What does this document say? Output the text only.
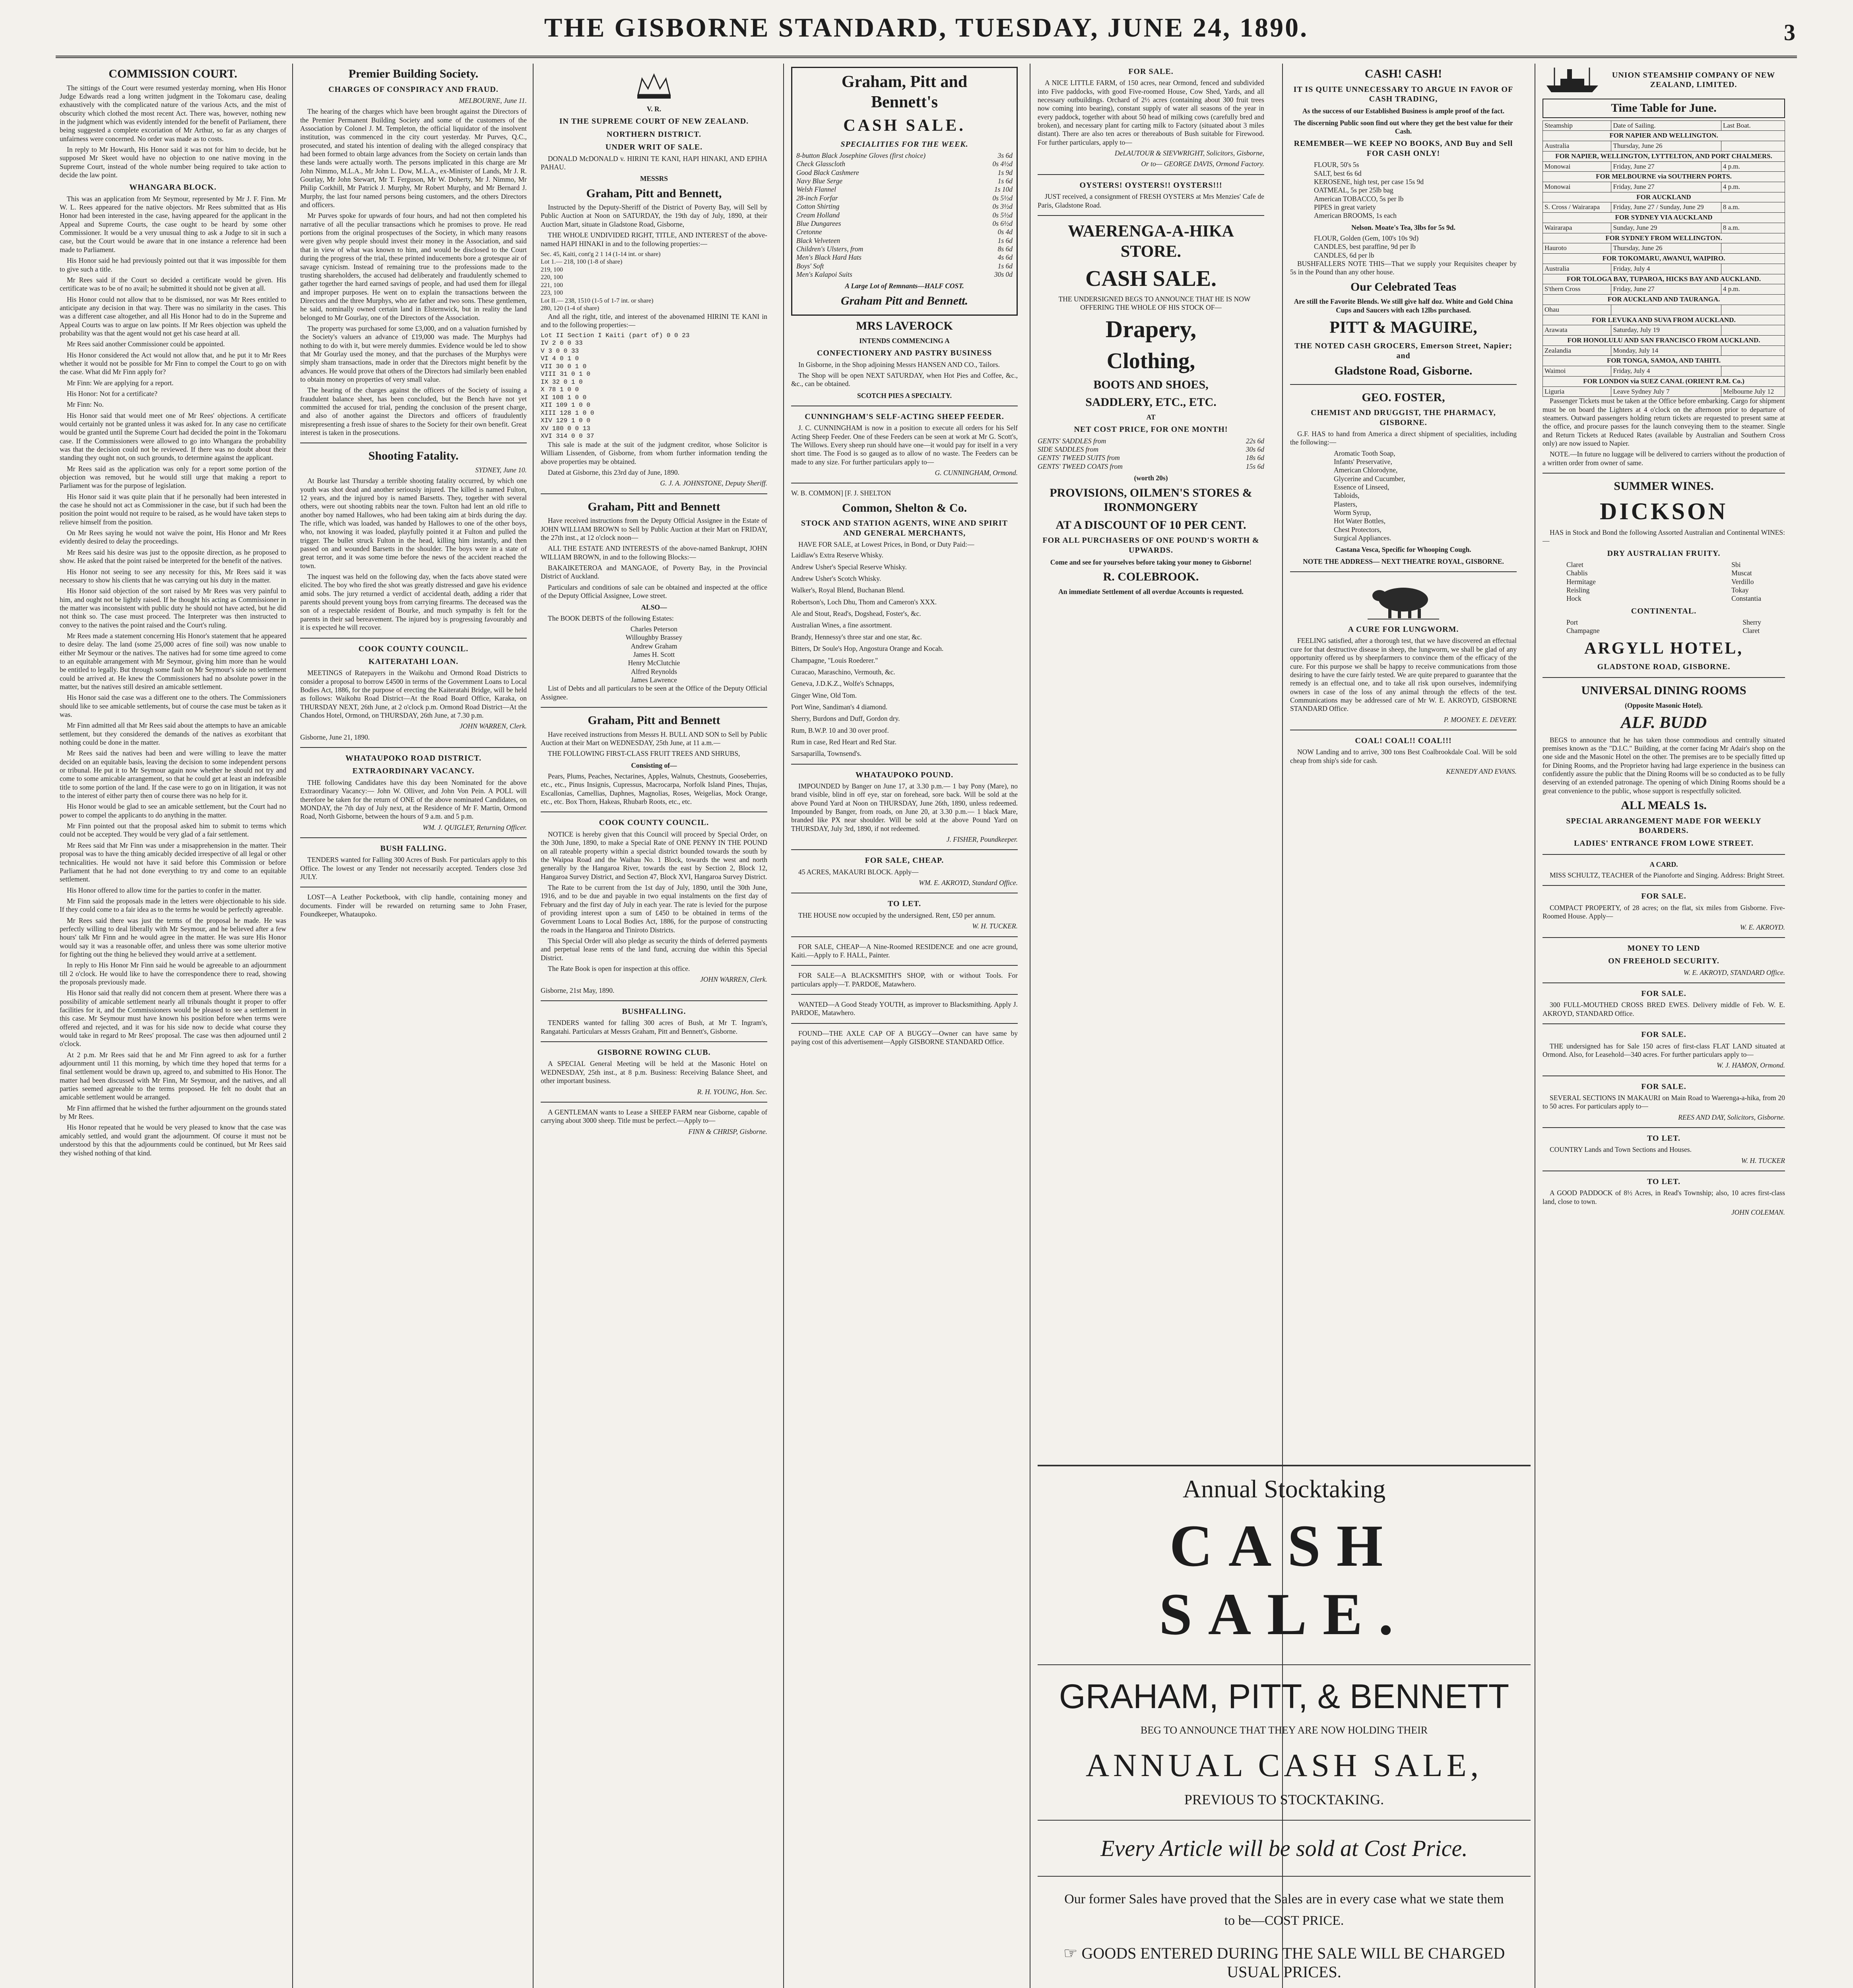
THE GISBORNE STANDARD, TUESDAY, JUNE 24, 1890.	3
COMMISSION COURT.

The sittings of the Court were resumed yesterday morning, when His Honor Judge Edwards read a long written judgment in the Tokomaru case, dealing exhaustively with the complicated nature of the various Acts, and the mist of obscurity which clothed the most recent Act. There was, however, nothing new in the judgment which was evidently intended for the benefit of Parliament, there being suggested a complete excoriation of Mr Arthur, so far as any charges of unfairness were concerned. No order was made as to costs.

In reply to Mr Howarth, His Honor said it was not for him to decide, but he supposed Mr Skeet would have no objection to one native moving in the Supreme Court, instead of the whole number being required to take action to decide the law point.

WHANGARA BLOCK.

This was an application from Mr Seymour, represented by Mr J. F. Finn. Mr W. L. Rees appeared for the native objectors. Mr Rees submitted that as His Honor had been interested in the case, having appeared for the applicant in the Appeal and Supreme Courts, the case ought to be heard by some other Commissioner. It would be a very unusual thing to ask a Judge to sit in such a case, but the Court would be aware that in one instance a reference had been made to Parliament.

His Honor said he had previously pointed out that it was impossible for them to give such a title.

Mr Rees said if the Court so decided a certificate would be given. His certificate was to be of no avail; he submitted it should not be given at all.

His Honor could not allow that to be dismissed, nor was Mr Rees entitled to anticipate any decision in that way. There was no similarity in the cases. This was a different case altogether, and all His Honor had to do in the Supreme and Appeal Courts was to argue on law points. If Mr Rees objection was upheld the probability was that the agent would not get his case heard at all.

Mr Rees said another Commissioner could be appointed.

His Honor considered the Act would not allow that, and he put it to Mr Rees whether it would not be possible for Mr Finn to compel the Court to go on with the case. What did Mr Finn apply for?

Mr Finn: We are applying for a report.

His Honor: Not for a certificate?

Mr Finn: No.

His Honor said that would meet one of Mr Rees' objections. A certificate would certainly not be granted unless it was asked for. In any case no certificate would be granted until the Supreme Court had decided the point in the Tokomaru case. If the Commissioners were allowed to go into Whangara the probability was that the decision could not be reviewed. If there was no doubt about their standing they ought not, on such grounds, to determine against the applicant.

Mr Rees said as the application was only for a report some portion of the objection was removed, but he would still urge that making a report to Parliament was for the purpose of legislation.

His Honor said it was quite plain that if he personally had been interested in the case he should not act as Commissioner in the case, but if such had been the position the point would not require to be raised, as he would have taken steps to relieve himself from the position.

On Mr Rees saying he would not waive the point, His Honor and Mr Rees evidently desired to delay the proceedings.

Mr Rees said his desire was just to the opposite direction, as he proposed to show. He asked that the point raised be interpreted for the benefit of the natives.

His Honor not seeing to see any necessity for this, Mr Rees said it was necessary to show his clients that he was carrying out his duty in the matter.

His Honor said objection of the sort raised by Mr Rees was very painful to him, and ought not be lightly raised. If he thought his acting as Commissioner in the matter was inconsistent with public duty he should not have acted, but he did not think so. The case must proceed. The Interpreter was then instructed to convey to the natives the point raised and the Court's ruling.

Mr Rees made a statement concerning His Honor's statement that he appeared to desire delay. The land (some 25,000 acres of fine soil) was now unable to either Mr Seymour or the natives. The natives had for some time agreed to come to an equitable arrangement with Mr Seymour, giving him more than he would be entitled to legally. But through some fault on Mr Seymour's side no settlement could be arrived at. He knew the Commissioners had no absolute power in the matter, but the natives still desired an amicable settlement.

His Honor said the case was a different one to the others. The Commissioners should like to see amicable settlements, but of course the case must be taken as it was.

Mr Finn admitted all that Mr Rees said about the attempts to have an amicable settlement, but they considered the demands of the natives as exorbitant that nothing could be done in the matter.

Mr Rees said the natives had been and were willing to leave the matter decided on an equitable basis, leaving the decision to some independent persons or tribunal. He put it to Mr Seymour again now whether he should not try and come to some amicable arrangement, so that he could get at least an indefeasible title to some portion of the land. If the case were to go on in litigation, it was not to the interest of either party then of course there was no help for it.

His Honor would be glad to see an amicable settlement, but the Court had no power to compel the applicants to do anything in the matter.

Mr Finn pointed out that the proposal asked him to submit to terms which could not be accepted. They would be very glad of a fair settlement.

Mr Rees said that Mr Finn was under a misapprehension in the matter. Their proposal was to have the thing amicably decided irrespective of all legal or other technicalities. He would not have it said before this Commission or before Parliament that he had not done everything to try and come to an equitable settlement.

His Honor offered to allow time for the parties to confer in the matter.

Mr Finn said the proposals made in the letters were objectionable to his side. If they could come to a fair idea as to the terms he would be perfectly agreeable.

Mr Rees said there was just the terms of the proposal he made. He was perfectly willing to deal liberally with Mr Seymour, and he believed after a few hours' talk Mr Finn and he would agree in the matter. He was sure His Honor would say it was a reasonable offer, and unless there was some ulterior motive for fighting out the thing he believed they would arrive at a settlement.

In reply to His Honor Mr Finn said he would be agreeable to an adjournment till 2 o'clock. He would like to have the correspondence there to read, showing the proposals previously made.

His Honor said that really did not concern them at present. Where there was a possibility of amicable settlement nearly all tribunals thought it proper to offer facilities for it, and the Commissioners would be pleased to see a settlement in this case. Mr Seymour must have known his position before when terms were offered and rejected, and it was for his side now to decide what course they would take in regard to Mr Rees' proposal. The case was then adjourned until 2 o'clock.

At 2 p.m. Mr Rees said that he and Mr Finn agreed to ask for a further adjournment until 11 this morning, by which time they hoped that terms for a final settlement would be drawn up, agreed to, and submitted to His Honor. The matter had been discussed with Mr Finn, Mr Seymour, and the natives, and all parties seemed agreeable to the terms proposed. He felt no doubt that an amicable settlement would be arranged.

Mr Finn affirmed that he wished the further adjournment on the grounds stated by Mr Rees.

His Honor repeated that he would be very pleased to know that the case was amicably settled, and would grant the adjournment. Of course it must not be understood by this that the adjournments could be continued, but Mr Rees said they wished nothing of that kind.

Premier Building Society.
CHARGES OF CONSPIRACY AND FRAUD.
MELBOURNE, June 11.

The hearing of the charges which have been brought against the Directors of the Premier Permanent Building Society and some of the customers of the Association by Colonel J. M. Templeton, the official liquidator of the insolvent institution, was commenced in the city court yesterday. Mr Purves, Q.C., prosecuted, and stated his intention of dealing with the alleged conspiracy that had been formed to obtain large advances from the Society on certain lands than these lands were actually worth. The persons implicated in this charge are Mr John Nimmo, M.L.A., Mr John L. Dow, M.L.A., ex-Minister of Lands, Mr J. R. Gourlay, Mr John Stewart, Mr T. Ferguson, Mr W. Doherty, Mr J. Nimmo, Mr Philip Corkhill, Mr Patrick J. Murphy, Mr Robert Murphy, and Mr Bernard J. Murphy, the last four named persons being customers, and the others Directors and officers.

Mr Purves spoke for upwards of four hours, and had not then completed his narrative of all the peculiar transactions which he promises to prove. He read portions from the original prospectuses of the Society, in which many reasons were given why people should invest their money in the Association, and said that in view of what was known to him, and would be disclosed to the Court during the progress of the trial, these printed inducements bore a grotesque air of savage cynicism. Instead of remaining true to the professions made to the trusting shareholders, the accused had deliberately and fraudulently schemed to gather together the hard earned savings of people, and had used them for illegal and improper purposes. He went on to explain the transactions between the Directors and the three Murphys, who are father and two sons. These gentlemen, he said, nominally owned certain land in Elsternwick, but in reality the land belonged to Mr Gourlay, one of the Directors of the Association.

The property was purchased for some £3,000, and on a valuation furnished by the Society's valuers an advance of £19,000 was made. The Murphys had nothing to do with it, but were merely dummies. Evidence would be led to show that Mr Gourlay used the money, and that the purchases of the Murphys were simply sham transactions, made in order that the Directors might benefit by the advances. He would prove that others of the Directors had similarly been enabled to obtain money on properties of very small value.

The hearing of the charges against the officers of the Society of issuing a fraudulent balance sheet, has been concluded, but the Bench have not yet committed the accused for trial, pending the conclusion of the present charge, and also of another against the Directors and officers of fraudulently misrepresenting a fresh issue of shares to the Society for their own benefit. Great interest is taken in the prosecutions.

Shooting Fatality.
SYDNEY, June 10.

At Bourke last Thursday a terrible shooting fatality occurred, by which one youth was shot dead and another seriously injured. The killed is named Fulton, 12 years, and the injured boy is named Barsetts. They, together with several others, were out shooting rabbits near the town. Fulton had lent an old rifle to another boy named Hallowes, who had been taking aim at birds during the day. The rifle, which was loaded, was handed by Hallowes to one of the other boys, who, not knowing it was loaded, playfully pointed it at Fulton and pulled the trigger. The bullet struck Fulton in the head, killing him instantly, and then passed on and wounded Barsetts in the shoulder. The boys were in a state of great terror, and it was some time before the news of the accident reached the town.

The inquest was held on the following day, when the facts above stated were elicited. The boy who fired the shot was greatly distressed and gave his evidence amid sobs. The jury returned a verdict of accidental death, adding a rider that parents should prevent young boys from carrying firearms. The deceased was the son of a respectable resident of Bourke, and much sympathy is felt for the parents in their sad bereavement. The injured boy is progressing favourably and it is expected he will recover.

COOK COUNTY COUNCIL.
KAITERATAHI LOAN.

MEETINGS of Ratepayers in the Waikohu and Ormond Road Districts to consider a proposal to borrow £4500 in terms of the Government Loans to Local Bodies Act, 1886, for the purpose of erecting the Kaiteratahi Bridge, will be held as follows: Waikohu Road District—At the Road Board Office, Karaka, on THURSDAY NEXT, 26th June, at 2 o'clock p.m. Ormond Road District—At the Chandos Hotel, Ormond, on THURSDAY, 26th June, at 7.30 p.m.

JOHN WARREN, Clerk.
Gisborne, June 21, 1890.
WHATAUPOKO ROAD DISTRICT.
EXTRAORDINARY VACANCY.

THE following Candidates have this day been Nominated for the above Extraordinary Vacancy:— John W. Olliver, and John Von Pein. A POLL will therefore be taken for the return of ONE of the above nominated Candidates, on MONDAY, the 7th day of July next, at the Residence of Mr F. Martin, Ormond Road, North Gisborne, between the hours of 9 a.m. and 5 p.m.

WM. J. QUIGLEY, Returning Officer.
BUSH FALLING.

TENDERS wanted for Falling 300 Acres of Bush. For particulars apply to this Office. The lowest or any Tender not necessarily accepted. Tenders close 3rd JULY.

LOST—A Leather Pocketbook, with clip handle, containing money and documents. Finder will be rewarded on returning same to John Fraser, Foundkeeper, Whataupoko.

V. R.
IN THE SUPREME COURT OF NEW ZEALAND.
NORTHERN DISTRICT.
UNDER WRIT OF SALE.

DONALD McDONALD v. HIRINI TE KANI, HAPI HINAKI, AND EPIHA PAHAU.

MESSRS
Graham, Pitt and Bennett,

Instructed by the Deputy-Sheriff of the District of Poverty Bay, will Sell by Public Auction at Noon on SATURDAY, the 19th day of July, 1890, at their Auction Mart, situate in Gladstone Road, Gisborne,

THE WHOLE UNDIVIDED RIGHT, TITLE, AND INTEREST of the above-named HAPI HINAKI in and to the following properties:—

Sec. 45, Kaiti, cont'g 2 1 14 (1-14 int. or share)
Lot 1.— 218, 100 (1-8 of share)
219, 100
220, 100
221, 100
223, 100
Lot II.— 238, 1510 (1-5 of 1-7 int. or share)
280, 120 (1-4 of share)

And all the right, title, and interest of the abovenamed HIRINI TE KANI in and to the following properties:—

Lot II Section I Kaiti (part of) 0 0 23
IV 2 0 0 33
V 3 0 0 33
VI 4 0 1 0
VII 30 0 1 0
VIII 31 0 1 0
IX 32 0 1 0
X 78 1 0 0
XI 108 1 0 0
XII 109 1 0 0
XIII 128 1 0 0
XIV 129 1 0 0
XV 180 0 0 13
XVI 314 0 0 37

This sale is made at the suit of the judgment creditor, whose Solicitor is William Lissenden, of Gisborne, from whom further information tending the above properties may be obtained.

Dated at Gisborne, this 23rd day of June, 1890.

G. J. A. JOHNSTONE, Deputy Sheriff.
Graham, Pitt and Bennett

Have received instructions from the Deputy Official Assignee in the Estate of JOHN WILLIAM BROWN to Sell by Public Auction at their Mart on FRIDAY, the 27th inst., at 12 o'clock noon—

ALL THE ESTATE AND INTERESTS of the above-named Bankrupt, JOHN WILLIAM BROWN, in and to the following Blocks:—

BAKAIKETEROA and MANGAOE, of Poverty Bay, in the Provincial District of Auckland.

Particulars and conditions of sale can be obtained and inspected at the office of the Deputy Official Assignee, Lowe street.

ALSO—

The BOOK DEBTS of the following Estates:

Charles Peterson
Willoughby Brassey
Andrew Graham
James H. Scott
Henry McClutchie
Alfred Reynolds
James Lawrence

List of Debts and all particulars to be seen at the Office of the Deputy Official Assignee.

Graham, Pitt and Bennett

Have received instructions from Messrs H. BULL AND SON to Sell by Public Auction at their Mart on WEDNESDAY, 25th June, at 11 a.m.—

THE FOLLOWING FIRST-CLASS FRUIT TREES AND SHRUBS,

Consisting of—

Pears, Plums, Peaches, Nectarines, Apples, Walnuts, Chestnuts, Gooseberries, etc., etc., Pinus Insignis, Cupressus, Macrocarpa, Norfolk Island Pines, Thujas, Escallonias, Camellias, Daphnes, Magnolias, Roses, Weigelias, Mock Orange, etc., etc. Box Thorn, Hakeas, Rhubarb Roots, etc., etc.

COOK COUNTY COUNCIL.

NOTICE is hereby given that this Council will proceed by Special Order, on the 30th June, 1890, to make a Special Rate of ONE PENNY IN THE POUND on all rateable property within a special district bounded towards the south by the Waipoa Road and the Waihau No. 1 Block, towards the west and north generally by the Hangaroa River, towards the east by Section 2, Block 12, Hangaroa Survey District, and Section 47, Block XVI, Hangaroa Survey District.

The Rate to be current from the 1st day of July, 1890, until the 30th June, 1916, and to be due and payable in two equal instalments on the first day of February and the first day of July in each year. The rate is levied for the purpose of providing interest upon a sum of £450 to be obtained in terms of the Government Loans to Local Bodies Act, 1886, for the purpose of constructing the roads in the Hangaroa and Tiniroto Districts.

This Special Order will also pledge as security the thirds of deferred payments and perpetual lease rents of the land fund, accruing due within this Special District.

The Rate Book is open for inspection at this office.

JOHN WARREN, Clerk.
Gisborne, 21st May, 1890.
BUSHFALLING.

TENDERS wanted for falling 300 acres of Bush, at Mr T. Ingram's, Rangatahi. Particulars at Messrs Graham, Pitt and Bennett's, Gisborne.

GISBORNE ROWING CLUB.

A SPECIAL General Meeting will be held at the Masonic Hotel on WEDNESDAY, 25th inst., at 8 p.m. Business: Receiving Balance Sheet, and other important business.

R. H. YOUNG, Hon. Sec.

A GENTLEMAN wants to Lease a SHEEP FARM near Gisborne, capable of carrying about 3000 sheep. Title must be perfect.—Apply to—

FINN & CHRISP, Gisborne.
Graham, Pitt and
Bennett's
CASH SALE.
SPECIALITIES FOR THE WEEK.
8-button Black Josephine Gloves (first choice)	3s 6d
Check Glasscloth	0s 4½d
Good Black Cashmere	1s 9d
Navy Blue Serge	1s 6d
Welsh Flannel	1s 10d
28-inch Forfar	0s 5½d
Cotton Shirting	0s 3½d
Cream Holland	0s 5½d
Blue Dungarees	0s 6½d
Cretonne	0s 4d
Black Velveteen	1s 6d
Children's Ulsters, from	8s 6d
Men's Black Hard Hats	4s 6d
Boys' Soft	1s 6d
Men's Kalapoi Suits	30s 0d
A Large Lot of Remnants—HALF COST.
Graham Pitt and Bennett.
MRS LAVEROCK
INTENDS COMMENCING A
CONFECTIONERY AND PASTRY BUSINESS

In Gisborne, in the Shop adjoining Messrs HANSEN AND CO., Tailors.

The Shop will be open NEXT SATURDAY, when Hot Pies and Coffee, &c., &c., can be obtained.

SCOTCH PIES A SPECIALTY.
CUNNINGHAM'S SELF-ACTING SHEEP FEEDER.

J. C. CUNNINGHAM is now in a position to execute all orders for his Self Acting Sheep Feeder. One of these Feeders can be seen at work at Mr G. Scott's, The Willows. Every sheep run should have one—it would pay for itself in a very short time. The Food is so gauged as to allow of no waste. The Feeders can be made to any size. For further particulars apply to—

G. CUNNINGHAM, Ormond.
W. B. COMMON] [F. J. SHELTON
Common, Shelton & Co.
STOCK AND STATION AGENTS, WINE AND SPIRIT AND GENERAL MERCHANTS,

HAVE FOR SALE, at Lowest Prices, in Bond, or Duty Paid:—

Laidlaw's Extra Reserve Whisky.
Andrew Usher's Special Reserve Whisky.
Andrew Usher's Scotch Whisky.
Walker's, Royal Blend, Buchanan Blend.
Robertson's, Loch Dhu, Thom and Cameron's XXX.
Ale and Stout, Read's, Dogshead, Foster's, &c.
Australian Wines, a fine assortment.
Brandy, Hennessy's three star and one star, &c.
Bitters, Dr Soule's Hop, Angostura Orange and Kocah.
Champagne, "Louis Roederer."
Curacao, Maraschino, Vermouth, &c.
Geneva, J.D.K.Z., Wolfe's Schnapps,
Ginger Wine, Old Tom.
Port Wine, Sandiman's 4 diamond.
Sherry, Burdons and Duff, Gordon dry.
Rum, B.W.P. 10 and 30 over proof.
Rum in case, Red Heart and Red Star.
Sarsaparilla, Townsend's.
WHATAUPOKO POUND.

IMPOUNDED by Banger on June 17, at 3.30 p.m.— 1 bay Pony (Mare), no brand visible, blind in off eye, star on forehead, sore back. Will be sold at the above Pound Yard at Noon on THURSDAY, June 26th, 1890, unless redeemed. Impounded by Banger, from roads, on June 20, at 3.30 p.m.— 1 black Mare, branded like PX near shoulder. Will be sold at the above Pound Yard on THURSDAY, July 3rd, 1890, if not redeemed.

J. FISHER, Poundkeeper.
FOR SALE, CHEAP.

45 ACRES, MAKAURI BLOCK. Apply—

WM. E. AKROYD, Standard Office.
TO LET.

THE HOUSE now occupied by the undersigned. Rent, £50 per annum.

W. H. TUCKER.

FOR SALE, CHEAP—A Nine-Roomed RESIDENCE and one acre ground, Kaiti.—Apply to F. HALL, Painter.

FOR SALE—A BLACKSMITH'S SHOP, with or without Tools. For particulars apply—T. PARDOE, Matawhero.

WANTED—A Good Steady YOUTH, as improver to Blacksmithing. Apply J. PARDOE, Matawhero.

FOUND—THE AXLE CAP OF A BUGGY—Owner can have same by paying cost of this advertisement—Apply GISBORNE STANDARD Office.

FOR SALE.

A NICE LITTLE FARM, of 150 acres, near Ormond, fenced and subdivided into Five paddocks, with good Five-roomed House, Cow Shed, Yards, and all necessary outbuildings. Orchard of 2½ acres (containing about 300 fruit trees now coming into bearing), constant supply of water all seasons of the year in every paddock, together with about 50 head of milking cows (carefully bred and broken), and necessary plant for carting milk to Factory (situated about 3 miles distant). There are also ten acres or thereabouts of Bush suitable for Firewood. For further particulars, apply to—

DeLAUTOUR & SIEVWRIGHT, Solicitors, Gisborne,
Or to— GEORGE DAVIS, Ormond Factory.
OYSTERS! OYSTERS!! OYSTERS!!!

JUST received, a consignment of FRESH OYSTERS at Mrs Menzies' Cafe de Paris, Gladstone Road.

WAERENGA-A-HIKA STORE.
CASH SALE.

THE UNDERSIGNED BEGS TO ANNOUNCE THAT HE IS NOW OFFERING THE WHOLE OF HIS STOCK OF—

Drapery,
Clothing,
BOOTS AND SHOES,
SADDLERY, ETC., ETC.
AT
NET COST PRICE, FOR ONE MONTH!
GENTS' SADDLES from	22s 6d
SIDE SADDLES from	30s 6d
GENTS' TWEED SUITS from	18s 6d
GENTS' TWEED COATS from	15s 6d
(worth 20s)
PROVISIONS, OILMEN'S STORES & IRONMONGERY
AT A DISCOUNT OF 10 PER CENT.
FOR ALL PURCHASERS OF ONE POUND'S WORTH & UPWARDS.
Come and see for yourselves before taking your money to Gisborne!
R. COLEBROOK.
An immediate Settlement of all overdue Accounts is requested.
CASH! CASH!
IT IS QUITE UNNECESSARY TO ARGUE IN FAVOR OF CASH TRADING,
As the success of our Established Business is ample proof of the fact.
The discerning Public soon find out where they get the best value for their Cash.
REMEMBER—WE KEEP NO BOOKS, AND Buy and Sell FOR CASH ONLY!
FLOUR, 50's 5s
SALT, best 6s 6d
KEROSENE, high test, per case 15s 9d
OATMEAL, 5s per 25lb bag
American TOBACCO, 5s per lb
PIPES in great variety
American BROOMS, 1s each
Nelson. Moate's Tea, 3lbs for 5s 9d.
FLOUR, Golden (Gem, 100's 10s 9d)
CANDLES, best paraffine, 9d per lb
CANDLES, 6d per lb

BUSHFALLERS NOTE THIS—That we supply your Requisites cheaper by 5s in the Pound than any other house.

Our Celebrated Teas
Are still the Favorite Blends. We still give half doz. White and Gold China Cups and Saucers with each 12lbs purchased.
PITT & MAGUIRE,
THE NOTED CASH GROCERS, Emerson Street, Napier; and
Gladstone Road, Gisborne.
GEO. FOSTER,
CHEMIST AND DRUGGIST, THE PHARMACY, GISBORNE.

G.F. HAS to hand from America a direct shipment of specialities, including the following:—

Aromatic Tooth Soap,
Infants' Preservative,
American Chlorodyne,
Glycerine and Cucumber,
Essence of Linseed,
Tabloids,
Plasters,
Worm Syrup,
Hot Water Bottles,
Chest Protectors,
Surgical Appliances.
Castana Vesca, Specific for Whooping Cough.
NOTE THE ADDRESS— NEXT THEATRE ROYAL, GISBORNE.
A CURE FOR LUNGWORM.

FEELING satisfied, after a thorough test, that we have discovered an effectual cure for that destructive disease in sheep, the lungworm, we shall be glad of any opportunity offered us by sheepfarmers to convince them of the efficacy of the cure. For this purpose we shall be happy to receive communications from those desiring to have the cure fairly tested. We are quite prepared to guarantee that the remedy is an effectual one, and to take all risk upon ourselves, indemnifying owners in case of the loss of any animal through the effects of the test. Communications may be addressed care of Mr W. E. AKROYD, GISBORNE STANDARD Office.

P. MOONEY. E. DEVERY.
COAL! COAL!! COAL!!!

NOW Landing and to arrive, 300 tons Best Coalbrookdale Coal. Will be sold cheap from ship's side for cash.

KENNEDY AND EVANS.
Annual Stocktaking
CASH SALE.
GRAHAM, PITT, & BENNETT
BEG TO ANNOUNCE THAT THEY ARE NOW HOLDING THEIR
ANNUAL CASH SALE,
PREVIOUS TO STOCKTAKING.
Every Article will be sold at Cost Price.
Our former Sales have proved that the Sales are in every case what we state them to be—COST PRICE.
☞ GOODS ENTERED DURING THE SALE WILL BE CHARGED USUAL PRICES.
UNION STEAMSHIP COMPANY OF NEW ZEALAND, LIMITED.
Time Table for June.
Steamship	Date of Sailing.	Last Boat.
FOR NAPIER AND WELLINGTON.		
Australia	Thursday, June 26	
FOR NAPIER, WELLINGTON, LYTTELTON, AND PORT CHALMERS.		
Monowai	Friday, June 27	4 p.m.
FOR MELBOURNE via SOUTHERN PORTS.		
Monowai	Friday, June 27	4 p.m.
FOR AUCKLAND		
S. Cross / Wairarapa	Friday, June 27 / Sunday, June 29	8 a.m.
FOR SYDNEY VIA AUCKLAND		
Wairarapa	Sunday, June 29	8 a.m.
FOR SYDNEY FROM WELLINGTON.		
Hauroto	Thursday, June 26	
FOR TOKOMARU, AWANUI, WAIPIRO.		
Australia	Friday, July 4	
FOR TOLOGA BAY, TUPAROA, HICKS BAY AND AUCKLAND.		
S'thern Cross	Friday, June 27	4 p.m.
FOR AUCKLAND AND TAURANGA.		
Ohau		
FOR LEVUKA AND SUVA FROM AUCKLAND.		
Arawata	Saturday, July 19	
FOR HONOLULU AND SAN FRANCISCO FROM AUCKLAND.		
Zealandia	Monday, July 14	
FOR TONGA, SAMOA, AND TAHITI.		
Waimoi	Friday, July 4	
FOR LONDON via SUEZ CANAL (ORIENT R.M. Co.)		
Liguria	Leave Sydney July 7	Melbourne July 12

Passenger Tickets must be taken at the Office before embarking. Cargo for shipment must be on board the Lighters at 4 o'clock on the afternoon prior to departure of steamers. Outward passengers holding return tickets are requested to present same at the office, and procure passes for the launch conveying them to the steamer. Single and Return Tickets at Reduced Rates (available by Australian and Southern Cross only) are now issued to Napier.

NOTE.—In future no luggage will be delivered to carriers without the production of a written order from owner of same.

SUMMER WINES.
DICKSON

HAS in Stock and Bond the following Assorted Australian and Continental WINES:—

DRY AUSTRALIAN FRUITY.
Claret
Chablis
Hermitage
Reisling
Hock
Sbi
Muscat
Verdillo
Tokay
Constantia
CONTINENTAL.
Port
Champagne
Sherry
Claret
ARGYLL HOTEL,
GLADSTONE ROAD, GISBORNE.
UNIVERSAL DINING ROOMS
(Opposite Masonic Hotel).
ALF. BUDD

BEGS to announce that he has taken those commodious and centrally situated premises known as the "D.I.C." Building, at the corner facing Mr Adair's shop on the one side and the Masonic Hotel on the other. The premises are to be specially fitted up for Dining Rooms, and the Proprietor having had large experience in the business can confidently assure the public that the Dining Rooms will be so conducted as to be fully deserving of an extended patronage. The opening of which Dining Rooms should be a great convenience to the public, whose support is respectfully solicited.

ALL MEALS 1s.
SPECIAL ARRANGEMENT MADE FOR WEEKLY BOARDERS.
LADIES' ENTRANCE FROM LOWE STREET.
A CARD.

MISS SCHULTZ, TEACHER of the Pianoforte and Singing. Address: Bright Street.

FOR SALE.

COMPACT PROPERTY, of 28 acres; on the flat, six miles from Gisborne. Five-Roomed House. Apply—

W. E. AKROYD.
MONEY TO LEND
ON FREEHOLD SECURITY.
W. E. AKROYD, STANDARD Office.
FOR SALE.

300 FULL-MOUTHED CROSS BRED EWES. Delivery middle of Feb. W. E. AKROYD, STANDARD Office.

FOR SALE.

THE undersigned has for Sale 150 acres of first-class FLAT LAND situated at Ormond. Also, for Leasehold—340 acres. For further particulars apply to—

W. J. HAMON, Ormond.
FOR SALE.

SEVERAL SECTIONS IN MAKAURI on Main Road to Waerenga-a-hika, from 20 to 50 acres. For particulars apply to—

REES AND DAY, Solicitors, Gisborne.
TO LET.

COUNTRY Lands and Town Sections and Houses.

W. H. TUCKER
TO LET.

A GOOD PADDOCK of 8½ Acres, in Read's Township; also, 10 acres first-class land, close to town.

JOHN COLEMAN.
